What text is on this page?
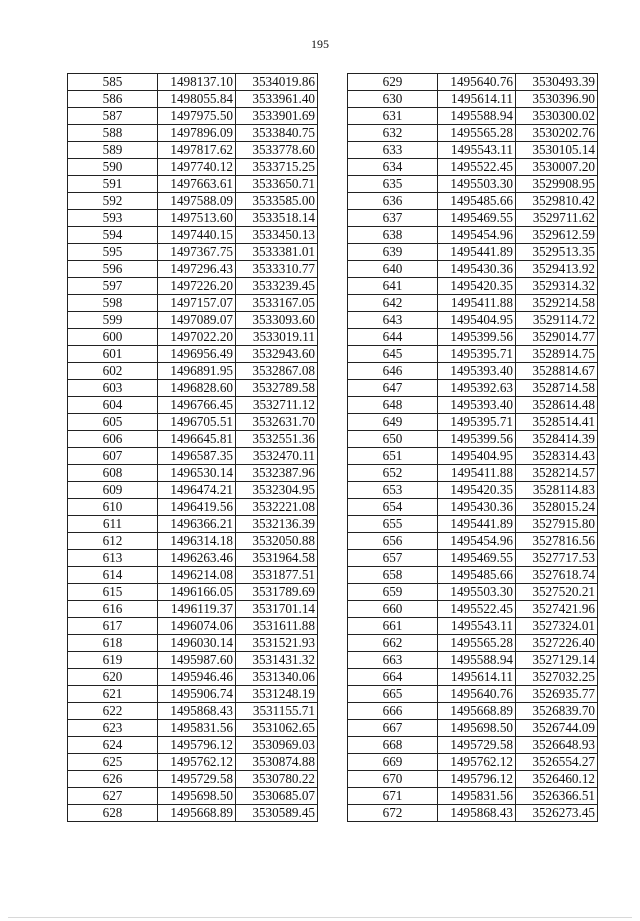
195
585	1498137.10	3534019.86
586	1498055.84	3533961.40
587	1497975.50	3533901.69
588	1497896.09	3533840.75
589	1497817.62	3533778.60
590	1497740.12	3533715.25
591	1497663.61	3533650.71
592	1497588.09	3533585.00
593	1497513.60	3533518.14
594	1497440.15	3533450.13
595	1497367.75	3533381.01
596	1497296.43	3533310.77
597	1497226.20	3533239.45
598	1497157.07	3533167.05
599	1497089.07	3533093.60
600	1497022.20	3533019.11
601	1496956.49	3532943.60
602	1496891.95	3532867.08
603	1496828.60	3532789.58
604	1496766.45	3532711.12
605	1496705.51	3532631.70
606	1496645.81	3532551.36
607	1496587.35	3532470.11
608	1496530.14	3532387.96
609	1496474.21	3532304.95
610	1496419.56	3532221.08
611	1496366.21	3532136.39
612	1496314.18	3532050.88
613	1496263.46	3531964.58
614	1496214.08	3531877.51
615	1496166.05	3531789.69
616	1496119.37	3531701.14
617	1496074.06	3531611.88
618	1496030.14	3531521.93
619	1495987.60	3531431.32
620	1495946.46	3531340.06
621	1495906.74	3531248.19
622	1495868.43	3531155.71
623	1495831.56	3531062.65
624	1495796.12	3530969.03
625	1495762.12	3530874.88
626	1495729.58	3530780.22
627	1495698.50	3530685.07
628	1495668.89	3530589.45
629	1495640.76	3530493.39
630	1495614.11	3530396.90
631	1495588.94	3530300.02
632	1495565.28	3530202.76
633	1495543.11	3530105.14
634	1495522.45	3530007.20
635	1495503.30	3529908.95
636	1495485.66	3529810.42
637	1495469.55	3529711.62
638	1495454.96	3529612.59
639	1495441.89	3529513.35
640	1495430.36	3529413.92
641	1495420.35	3529314.32
642	1495411.88	3529214.58
643	1495404.95	3529114.72
644	1495399.56	3529014.77
645	1495395.71	3528914.75
646	1495393.40	3528814.67
647	1495392.63	3528714.58
648	1495393.40	3528614.48
649	1495395.71	3528514.41
650	1495399.56	3528414.39
651	1495404.95	3528314.43
652	1495411.88	3528214.57
653	1495420.35	3528114.83
654	1495430.36	3528015.24
655	1495441.89	3527915.80
656	1495454.96	3527816.56
657	1495469.55	3527717.53
658	1495485.66	3527618.74
659	1495503.30	3527520.21
660	1495522.45	3527421.96
661	1495543.11	3527324.01
662	1495565.28	3527226.40
663	1495588.94	3527129.14
664	1495614.11	3527032.25
665	1495640.76	3526935.77
666	1495668.89	3526839.70
667	1495698.50	3526744.09
668	1495729.58	3526648.93
669	1495762.12	3526554.27
670	1495796.12	3526460.12
671	1495831.56	3526366.51
672	1495868.43	3526273.45
